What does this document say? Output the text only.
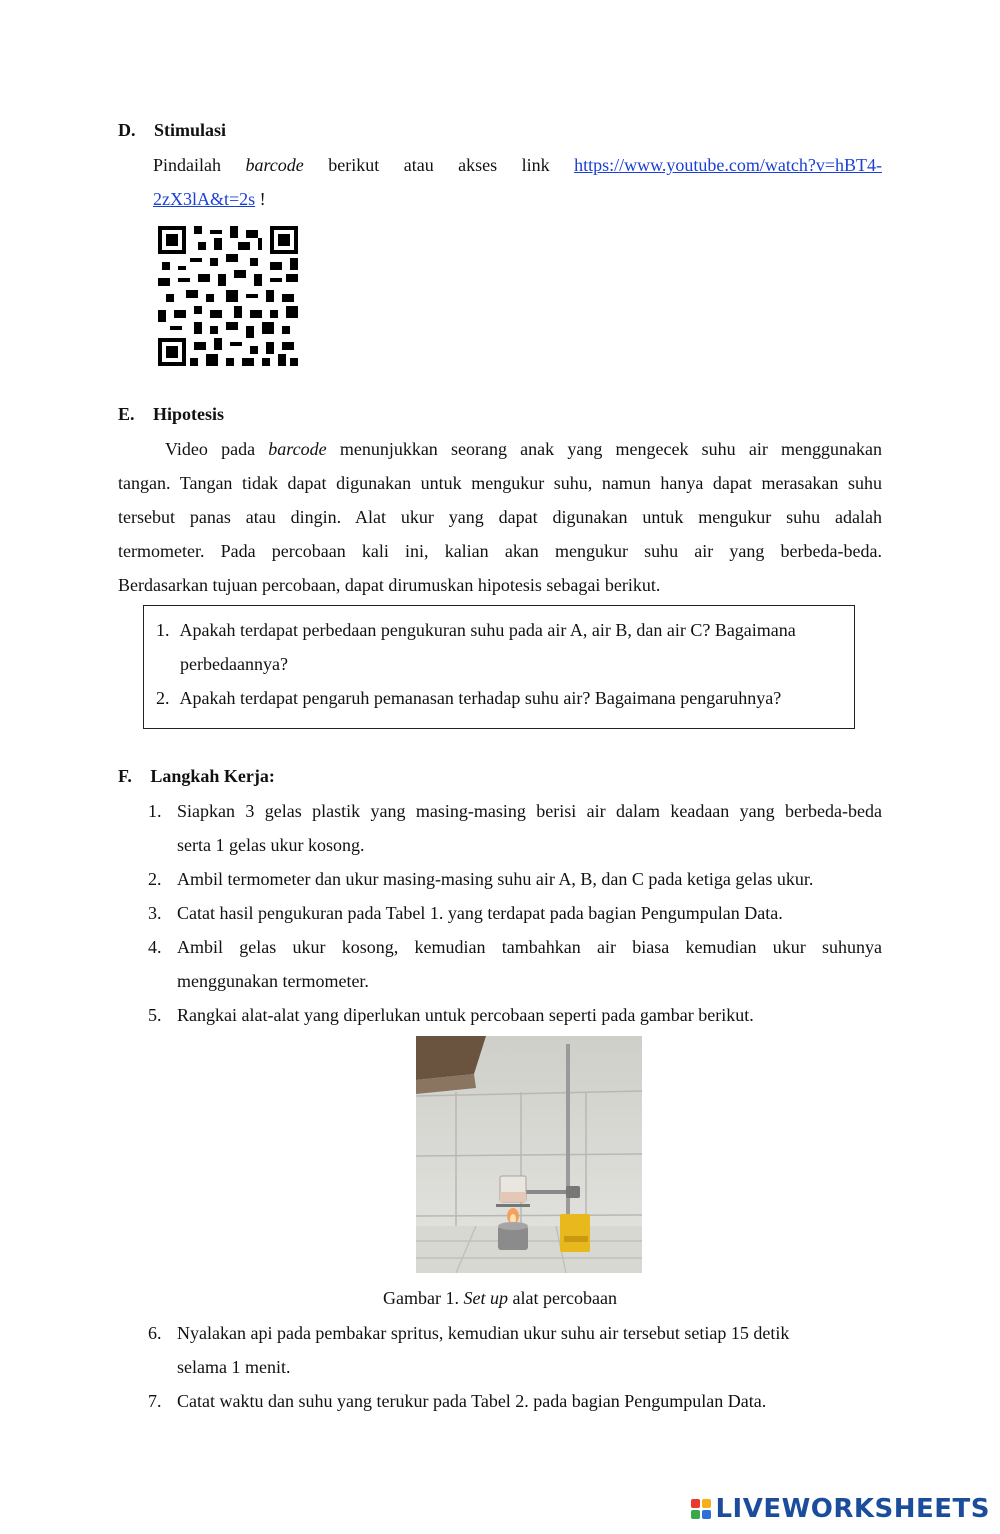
D. Stimulasi
Pindailah barcode berikut atau akses link https://www.youtube.com/watch?v=hBT4-
2zX3lA&t=2s !
E. Hipotesis
Video pada barcode menunjukkan seorang anak yang mengecek suhu air menggunakan
tangan. Tangan tidak dapat digunakan untuk mengukur suhu, namun hanya dapat merasakan suhu
tersebut panas atau dingin. Alat ukur yang dapat digunakan untuk mengukur suhu adalah
termometer. Pada percobaan kali ini, kalian akan mengukur suhu air yang berbeda-beda.
Berdasarkan tujuan percobaan, dapat dirumuskan hipotesis sebagai berikut.
1. Apakah terdapat perbedaan pengukuran suhu pada air A, air B, dan air C? Bagaimana
perbedaannya?
2. Apakah terdapat pengaruh pemanasan terhadap suhu air? Bagaimana pengaruhnya?
F. Langkah Kerja:
1. Siapkan 3 gelas plastik yang masing-masing berisi air dalam keadaan yang berbeda-beda
serta 1 gelas ukur kosong.
2. Ambil termometer dan ukur masing-masing suhu air A, B, dan C pada ketiga gelas ukur.
3. Catat hasil pengukuran pada Tabel 1. yang terdapat pada bagian Pengumpulan Data.
4. Ambil gelas ukur kosong, kemudian tambahkan air biasa kemudian ukur suhunya
menggunakan termometer.
5. Rangkai alat-alat yang diperlukan untuk percobaan seperti pada gambar berikut.
Gambar 1. Set up alat percobaan
6. Nyalakan api pada pembakar spritus, kemudian ukur suhu air tersebut setiap 15 detik
selama 1 menit.
7. Catat waktu dan suhu yang terukur pada Tabel 2. pada bagian Pengumpulan Data.
LIVEWORKSHEETS
